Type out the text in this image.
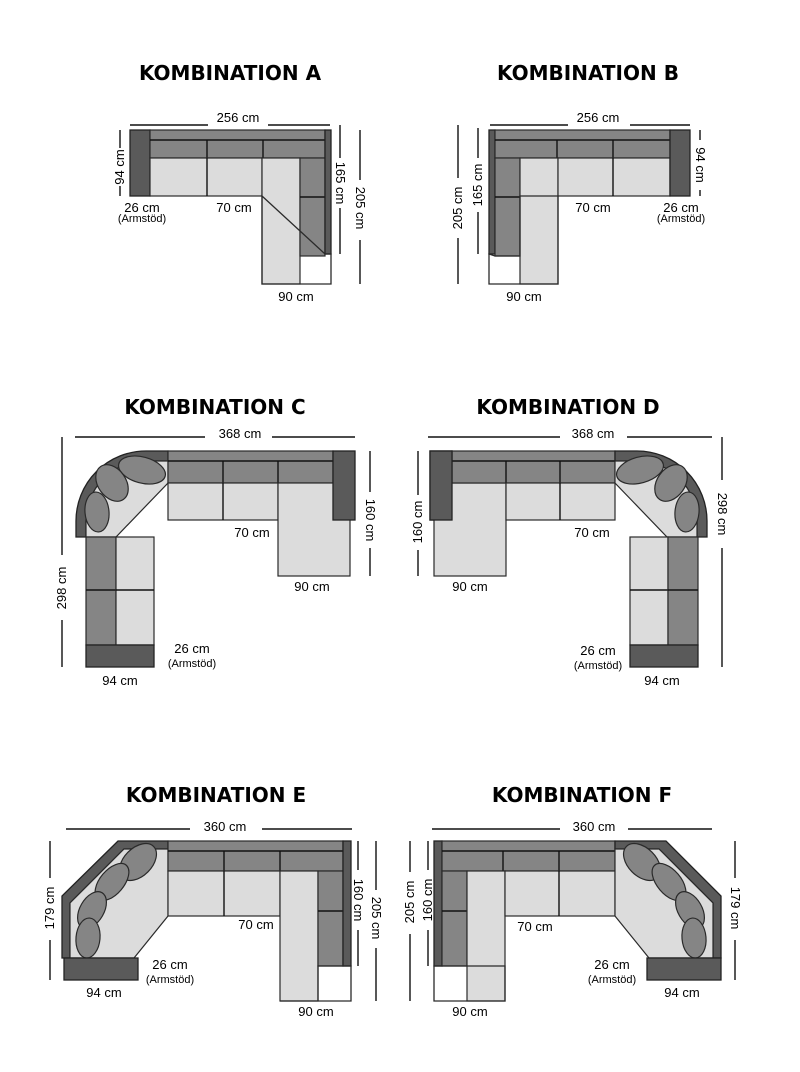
KOMBINATION A
256 cm
94 cm	165 cm
205 cm
26 cm
(Armstöd)
70 cm
90 cm
KOMBINATION B
256 cm
94 cm
165 cm
205 cm	26 cm
(Armstöd)
70 cm
90 cm
KOMBINATION C
368 cm
160 cm
298 cm
70 cm
90 cm
26 cm
(Armstöd)
94 cm
KOMBINATION D
368 cm
160 cm	298 cm
70 cm
90 cm
26 cm
(Armstöd)
94 cm
KOMBINATION E
360 cm
179 cm	160 cm 205 cm
70 cm
26 cm
(Armstöd)
94 cm
90 cm
KOMBINATION F
360 cm
160 cm
205 cm	179 cm
70 cm
26 cm
(Armstöd)
94 cm
90 cm
